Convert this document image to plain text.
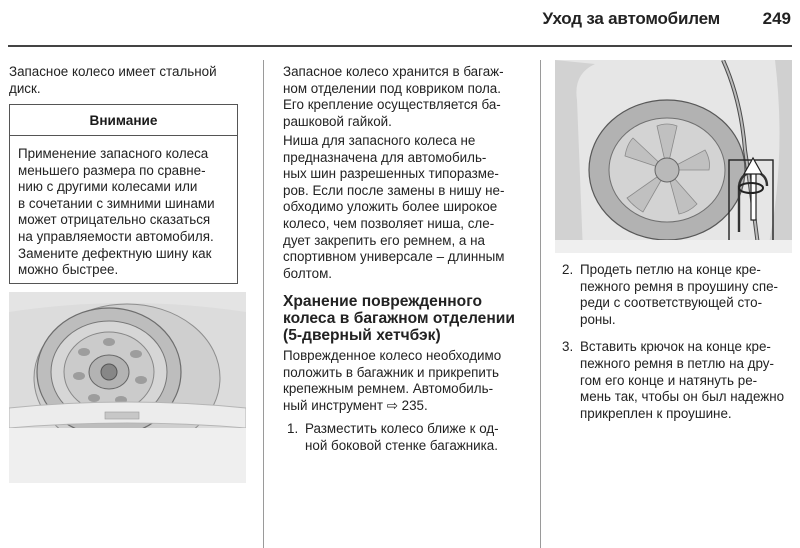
Уход за автомобилем	249

Запасное колесо имеет стальной

диск.

Внимание

Применение запасного колеса

меньшего размера по сравне-

нию с другими колесами или

в сочетании с зимними шинами

может отрицательно сказаться

на управляемости автомобиля.

Замените дефектную шину как

можно быстрее.

Запасное колесо хранится в багаж-

ном отделении под ковриком пола.

Его крепление осуществляется ба-

рашковой гайкой.

Ниша для запасного колеса не

предназначена для автомобиль-

ных шин разрешенных типоразме-

ров. Если после замены в нишу не-

обходимо уложить более широкое

колесо, чем позволяет ниша, сле-

дует закрепить его ремнем, а на

спортивном универсале – длинным

болтом.

Хранение поврежденного
колеса в багажном отделении
(5-дверный хетчбэк)

Поврежденное колесо необходимо

положить в багажник и прикрепить

крепежным ремнем. Автомобиль-

ный инструмент ⇨ 235.

1. Разместить колесо ближе к од-
ной боковой стенке багажника.
2. Продеть петлю на конце кре-
пежного ремня в проушину спе-
реди с соответствующей сто-
роны.
3. Вставить крючок на конце кре-
пежного ремня в петлю на дру-
гом его конце и натянуть ре-
мень так, чтобы он был надежно
прикреплен к проушине.
